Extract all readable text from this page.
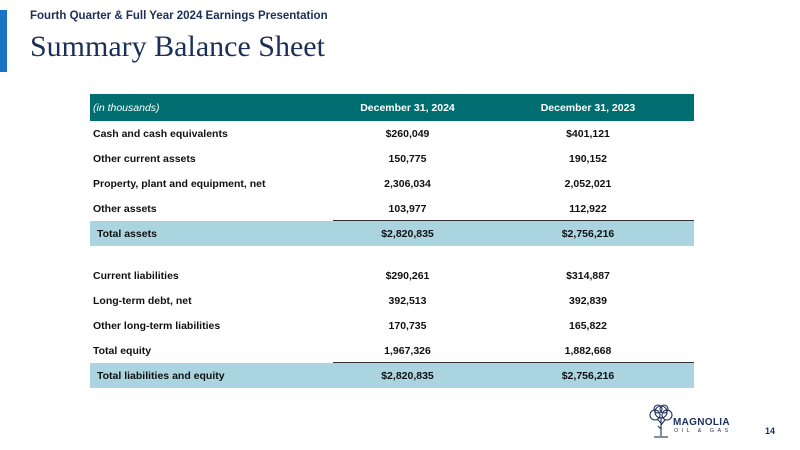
Fourth Quarter & Full Year 2024 Earnings Presentation
Summary Balance Sheet
(in thousands)	December 31, 2024	December 31, 2023
Cash and cash equivalents	$260,049	$401,121
Other current assets	150,775	190,152
Property, plant and equipment, net	2,306,034	2,052,021
Other assets	103,977	112,922
Total assets	$2,820,835	$2,756,216

Current liabilities	$290,261	$314,887
Long-term debt, net	392,513	392,839
Other long-term liabilities	170,735	165,822
Total equity	1,967,326	1,882,668
Total liabilities and equity	$2,820,835	$2,756,216
MAGNOLIA
OIL & GAS	14
